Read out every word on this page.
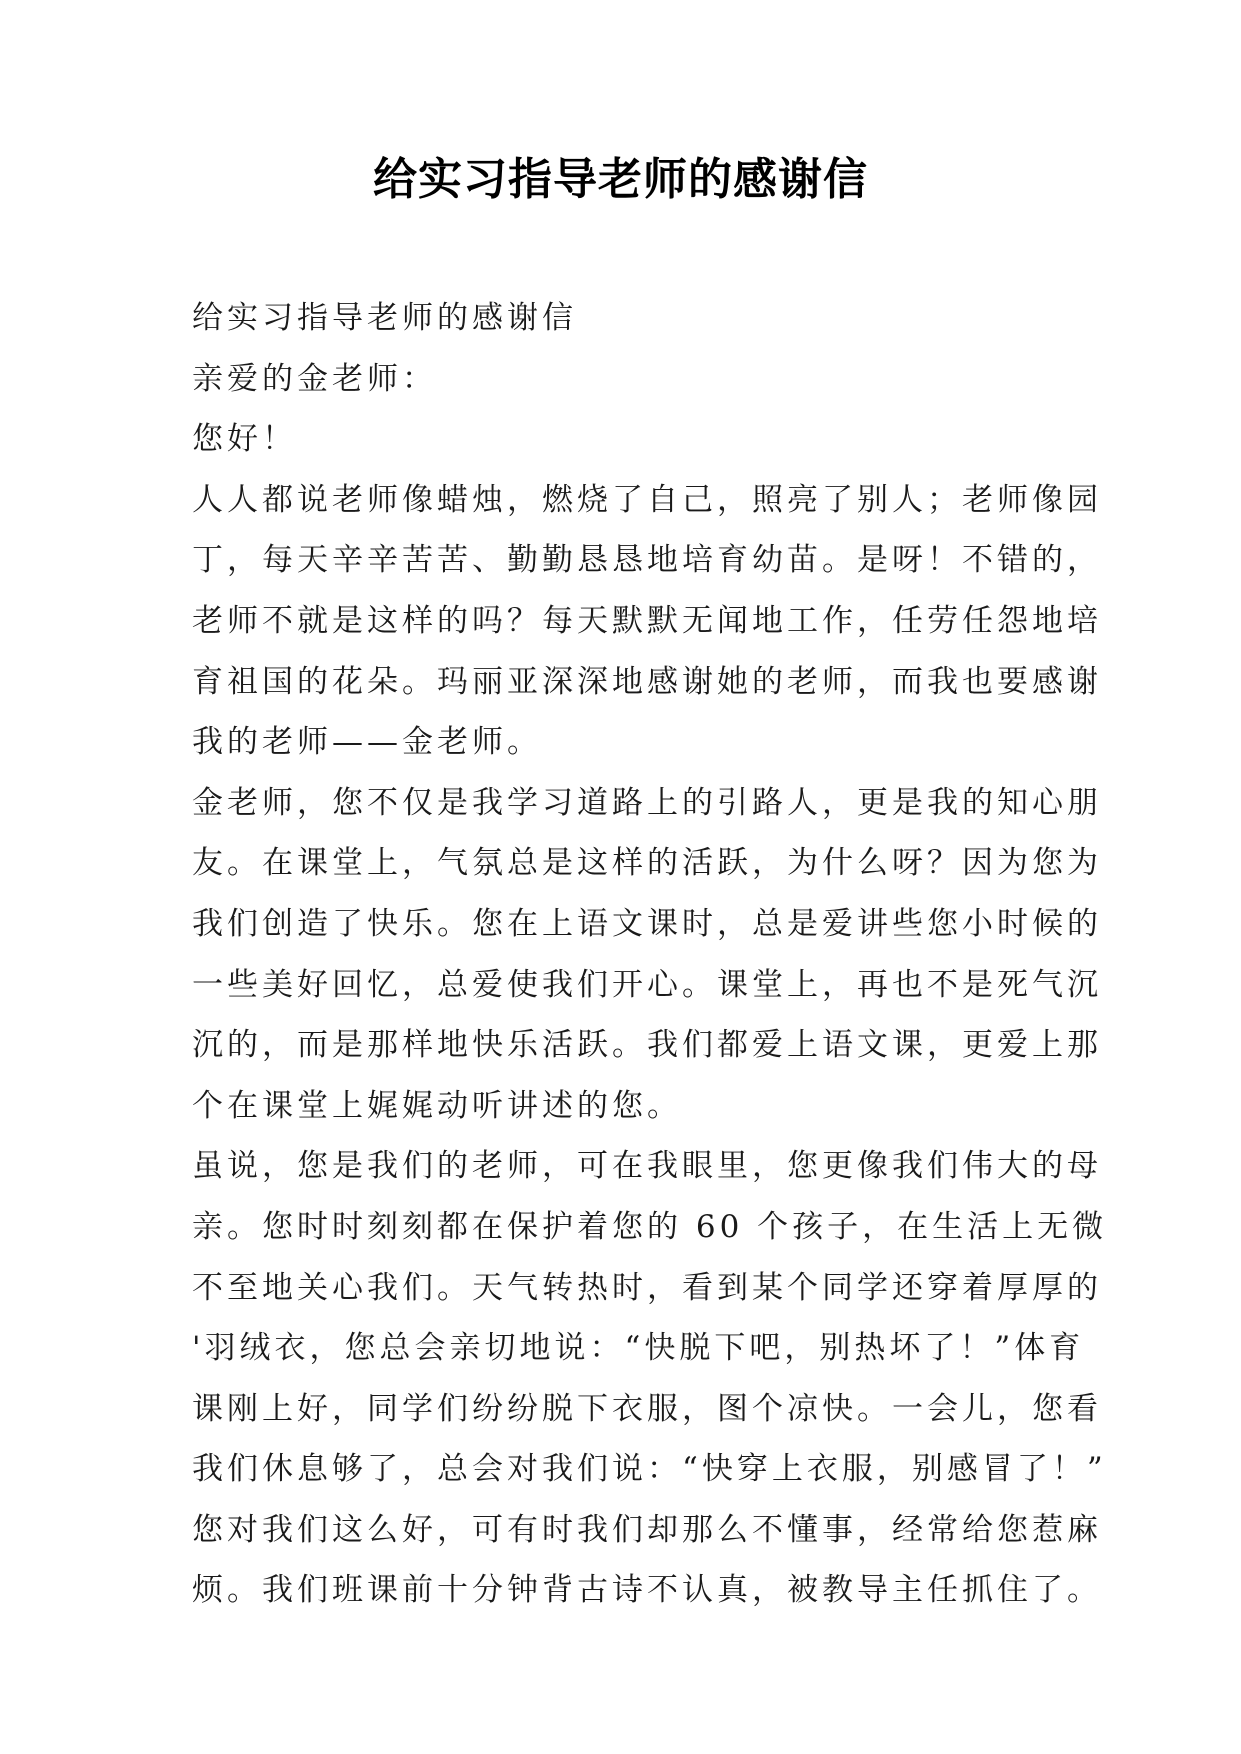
给实习指导老师的感谢信
给实习指导老师的感谢信
亲爱的金老师：
您好！
人人都说老师像蜡烛，燃烧了自己，照亮了别人；老师像园
丁，每天辛辛苦苦、勤勤恳恳地培育幼苗。是呀！不错的，
老师不就是这样的吗？每天默默无闻地工作，任劳任怨地培
育祖国的花朵。玛丽亚深深地感谢她的老师，而我也要感谢
我的老师——金老师。
金老师，您不仅是我学习道路上的引路人，更是我的知心朋
友。在课堂上，气氛总是这样的活跃，为什么呀？因为您为
我们创造了快乐。您在上语文课时，总是爱讲些您小时候的
一些美好回忆，总爱使我们开心。课堂上，再也不是死气沉
沉的，而是那样地快乐活跃。我们都爱上语文课，更爱上那
个在课堂上娓娓动听讲述的您。
虽说，您是我们的老师，可在我眼里，您更像我们伟大的母
亲。您时时刻刻都在保护着您的 60 个孩子，在生活上无微
不至地关心我们。天气转热时，看到某个同学还穿着厚厚的
'羽绒衣，您总会亲切地说：“快脱下吧，别热坏了！”体育
课刚上好，同学们纷纷脱下衣服，图个凉快。一会儿，您看
我们休息够了，总会对我们说：“快穿上衣服，别感冒了！”
您对我们这么好，可有时我们却那么不懂事，经常给您惹麻
烦。我们班课前十分钟背古诗不认真，被教导主任抓住了。
